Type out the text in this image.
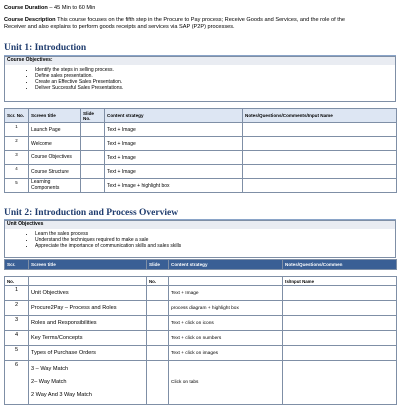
Course Duration – 45 Min to 60 Min
Course Description This course focuses on the fifth step in the Procure to Pay process; Receive Goods and Services, and the role of the
Receiver and also explains to perform goods receipts and services via SAP (P2P) processes.
Unit 1: Introduction
Course Objectives:
• Identify the steps in selling process.
• Define sales presentation.
• Create an Effective Sales Presentation.
• Deliver Successful Sales Presentations.
Scr. No.	Screen title	Slide No.	Content strategy	Notes/Questions/Comments/Input Name
1	Launch Page		Text + Image	
2	Welcome		Text + Image	
3	Course Objectives		Text + Image	
4	Course Structure		Text + Image	
5	Learning Components		Text + Image + highlight box	
Unit 2: Introduction and Process Overview
Unit Objectives
• Learn the sales process
• Understand the techniques required to make a sale
• Appreciate the importance of communication skills and sales skills
Scr.	Screen title	Slide	Content strategy	Notes/Questions/Commen
No.		No.		ts/Input Name
1	Unit Objectives		Text + Image	
2	Procure2Pay – Process and Roles		process diagram + highlight box	
3	Roles and Responsibilities		Text + click on icons	
4	Key Terms/Concepts		Text + click on numbers	
5	Types of Purchase Orders		Text + click on images	
6	3 – Way Match
2– Way Match
2 Way And 3 Way Match		Click on tabs	
